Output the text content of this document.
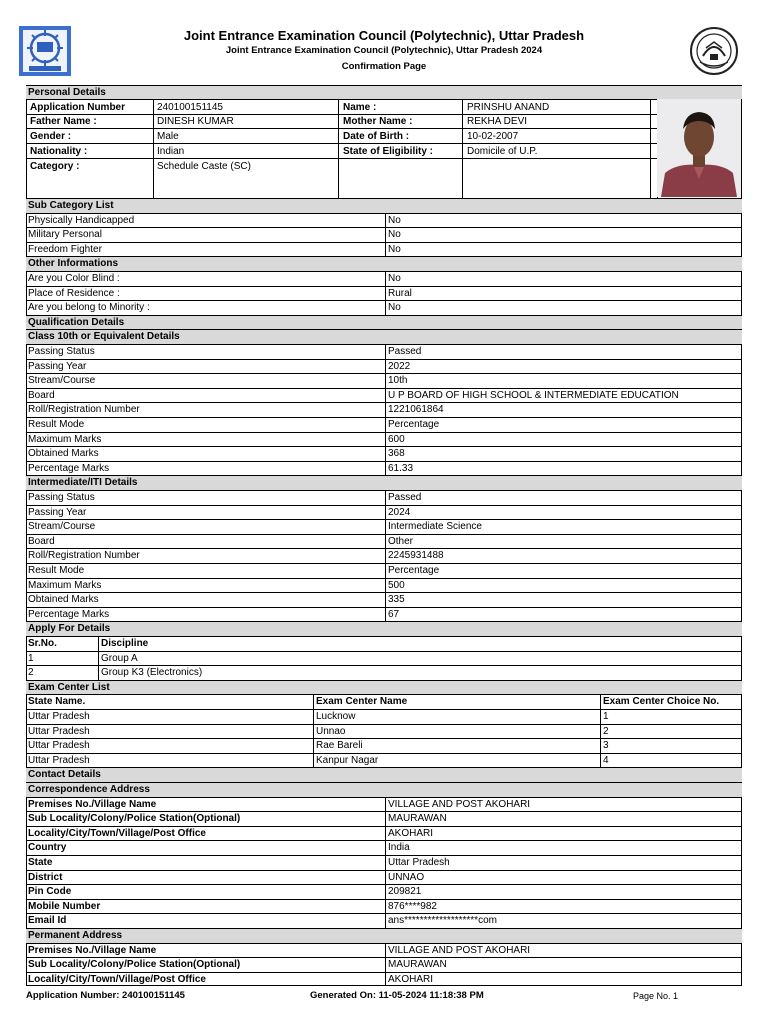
Joint Entrance Examination Council (Polytechnic), Uttar Pradesh
Joint Entrance Examination Council (Polytechnic), Uttar Pradesh 2024
Confirmation Page
Personal Details
Application Number	240100151145	Name :	PRINSHU ANAND
Father Name :	DINESH KUMAR	Mother Name :	REKHA DEVI
Gender :	Male	Date of Birth :	10-02-2007
Nationality :	Indian	State of Eligibility :	Domicile of U.P.
Category :	Schedule Caste (SC)
Sub Category List
Physically Handicapped	No
Military Personal	No
Freedom Fighter	No
Other Informations
Are you Color Blind :	No
Place of Residence :	Rural
Are you belong to Minority :	No
Qualification Details
Class 10th or Equivalent Details
Passing Status	Passed
Passing Year	2022
Stream/Course	10th
Board	U P BOARD OF HIGH SCHOOL & INTERMEDIATE EDUCATION
Roll/Registration Number	1221061864
Result Mode	Percentage
Maximum Marks	600
Obtained Marks	368
Percentage Marks	61.33
Intermediate/ITI Details
Passing Status	Passed
Passing Year	2024
Stream/Course	Intermediate Science
Board	Other
Roll/Registration Number	2245931488
Result Mode	Percentage
Maximum Marks	500
Obtained Marks	335
Percentage Marks	67
Apply For Details
Sr.No.	Discipline
1	Group A
2	Group K3 (Electronics)
Exam Center List
State Name.	Exam Center Name	Exam Center Choice No.
Uttar Pradesh	Lucknow	1
Uttar Pradesh	Unnao	2
Uttar Pradesh	Rae Bareli	3
Uttar Pradesh	Kanpur Nagar	4
Contact Details
Correspondence Address
Premises No./Village Name	VILLAGE AND POST AKOHARI
Sub Locality/Colony/Police Station(Optional)	MAURAWAN
Locality/City/Town/Village/Post Office	AKOHARI
Country	India
State	Uttar Pradesh
District	UNNAO
Pin Code	209821
Mobile Number	876****982
Email Id	ans*******************com
Permanent Address
Premises No./Village Name	VILLAGE AND POST AKOHARI
Sub Locality/Colony/Police Station(Optional)	MAURAWAN
Locality/City/Town/Village/Post Office	AKOHARI
Application Number: 240100151145	Generated On: 11-05-2024 11:18:38 PM	Page No. 1
